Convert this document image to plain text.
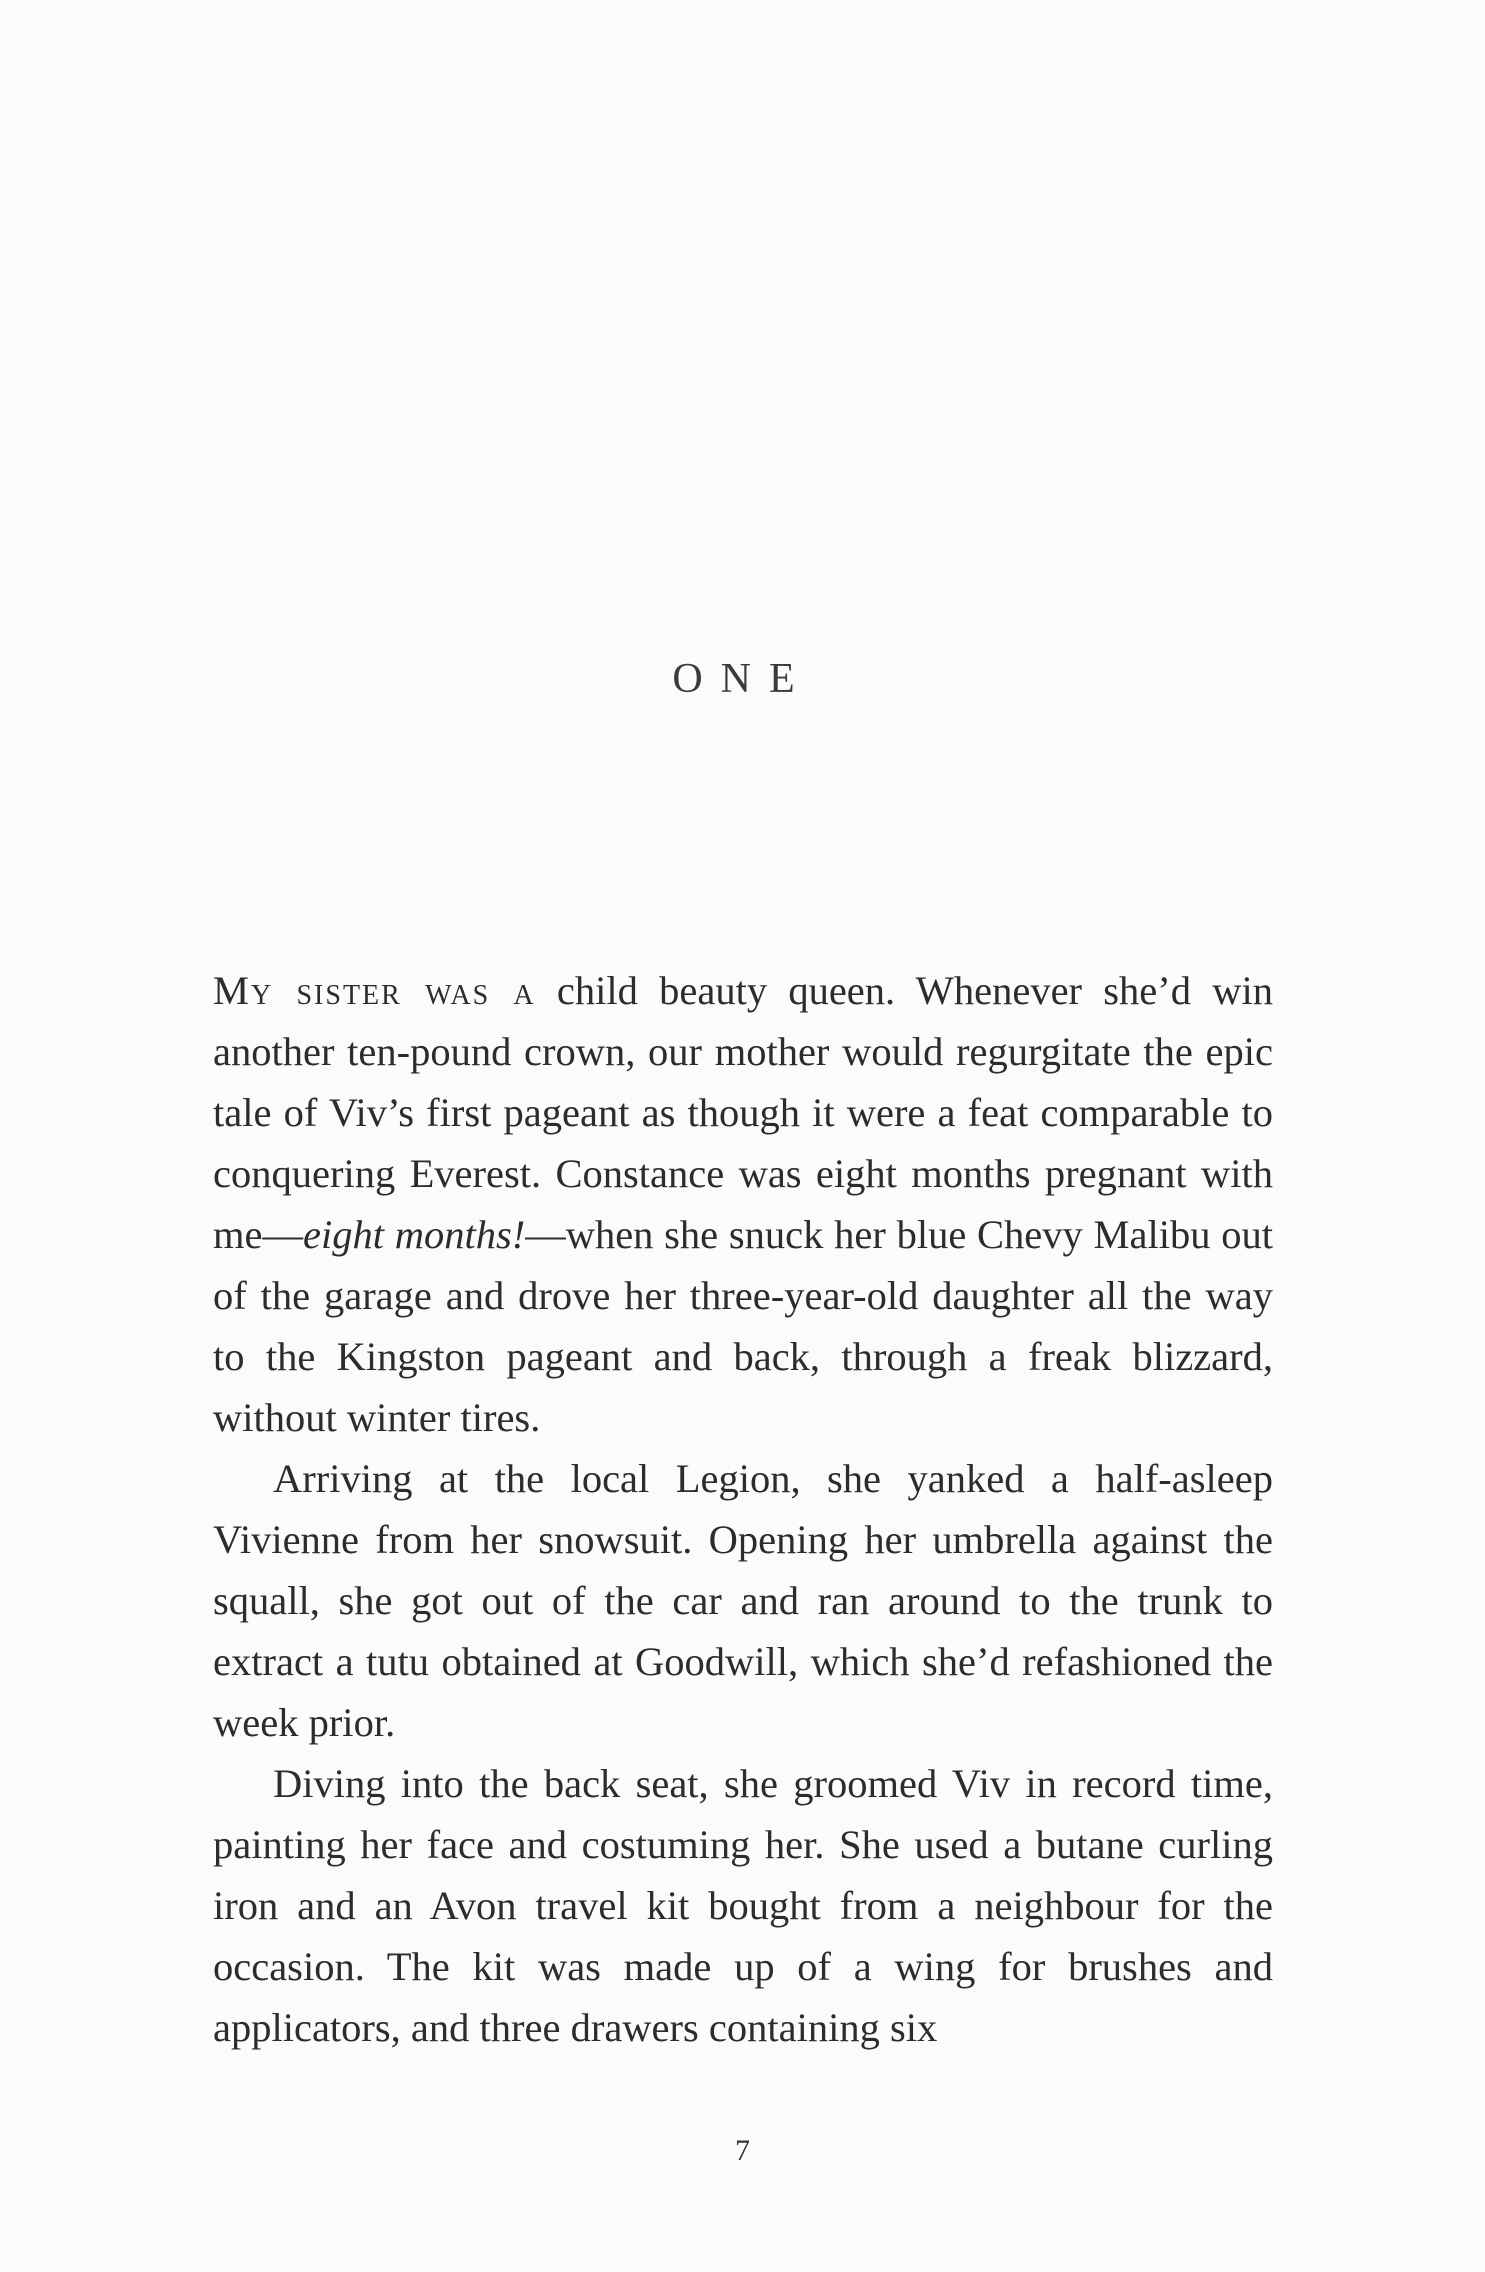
ONE

My sister was a child beauty queen. Whenever she’d win another ten-pound crown, our mother would regurgitate the epic tale of Viv’s first pageant as though it were a feat comparable to conquering Everest. Constance was eight months pregnant with me—eight months!—when she snuck her blue Chevy Malibu out of the garage and drove her three-year-old daughter all the way to the Kingston pageant and back, through a freak blizzard, without winter tires.

Arriving at the local Legion, she yanked a half-asleep Vivienne from her snowsuit. Opening her umbrella against the squall, she got out of the car and ran around to the trunk to extract a tutu obtained at Goodwill, which she’d refashioned the week prior.

Diving into the back seat, she groomed Viv in record time, painting her face and costuming her. She used a butane curling iron and an Avon travel kit bought from a neighbour for the occasion. The kit was made up of a wing for brushes and applicators, and three drawers containing six

7
